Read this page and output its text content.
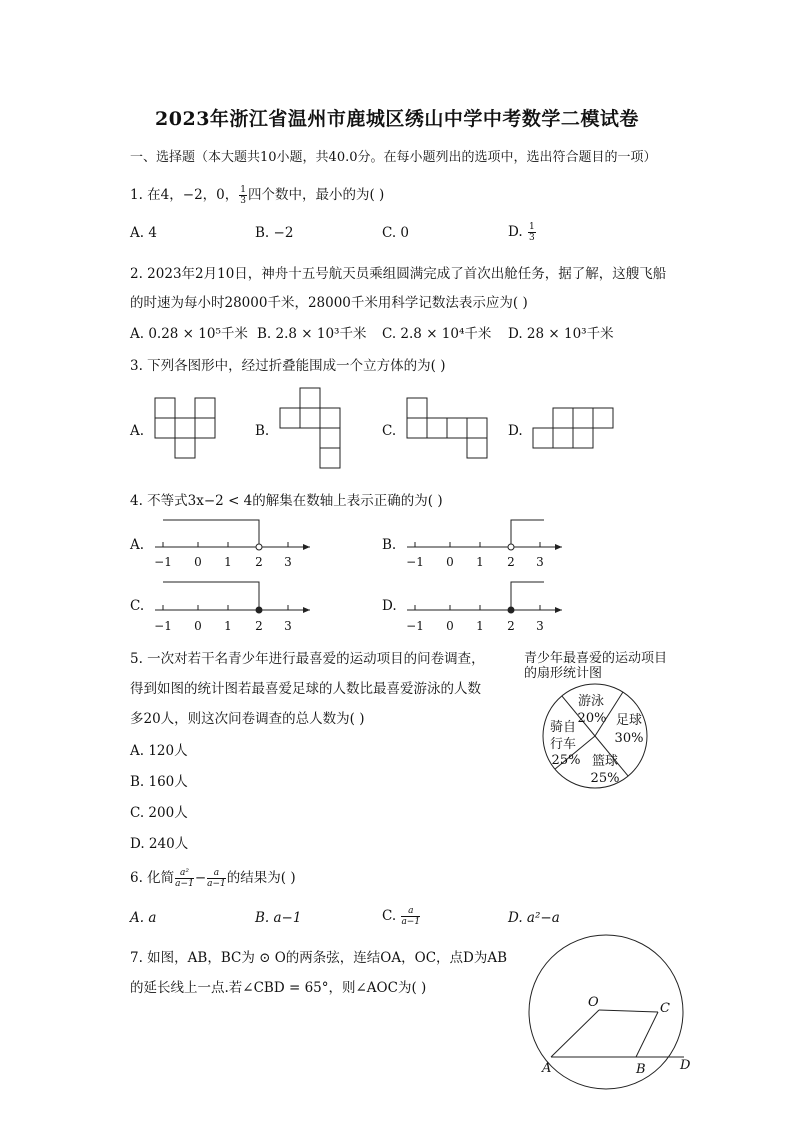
2023年浙江省温州市鹿城区绣山中学中考数学二模试卷
一、选择题（本大题共10小题，共40.0分。在每小题列出的选项中，选出符合题目的一项）
1. 在4，−2，0， $\frac{1}{3}$ 四个数中，最小的为( )
A. 4	B. −2	C. 0	D. $\frac{1}{3}$
2. 2023年2月10日，神舟十五号航天员乘组圆满完成了首次出舱任务，据了解，这艘飞船
的时速为每小时28000千米，28000千米用科学记数法表示应为( )
A. 0.28 × 10⁵千米 B. 2.8 × 10³千米 C. 2.8 × 10⁴千米 D. 28 × 10³千米
3. 下列各图形中，经过折叠能围成一个立方体的为( )
A.	B.	C.	D.
4. 不等式3x−2 < 4的解集在数轴上表示正确的为( )
A.	B.
C.	D.
−1 0 1 2 3	−1 0 1 2 3
−1 0 1 2 3	−1 0 1 2 3
5. 一次对若干名青少年进行最喜爱的运动项目的问卷调查，
得到如图的统计图若最喜爱足球的人数比最喜爱游泳的人数
多20人，则这次问卷调查的总人数为( )
A. 120人
B. 160人
C. 200人
D. 240人
青少年最喜爱的运动项目
的扇形统计图
游泳
20% 足球
30%
篮球
25%
骑自
行车
25%
6. 化简 $\frac{\text{a²}}{a-1} - \frac{a}{a-1}$ 的结果为( )
A. a	B. a−1	C. $\frac{a}{a-1}$	D. a²−a
7. 如图，AB，BC为 ⊙ O的两条弦，连结OA，OC，点D为AB
的延长线上一点.若∠CBD = 65°，则∠AOC为( )
O	C
A	B	D
